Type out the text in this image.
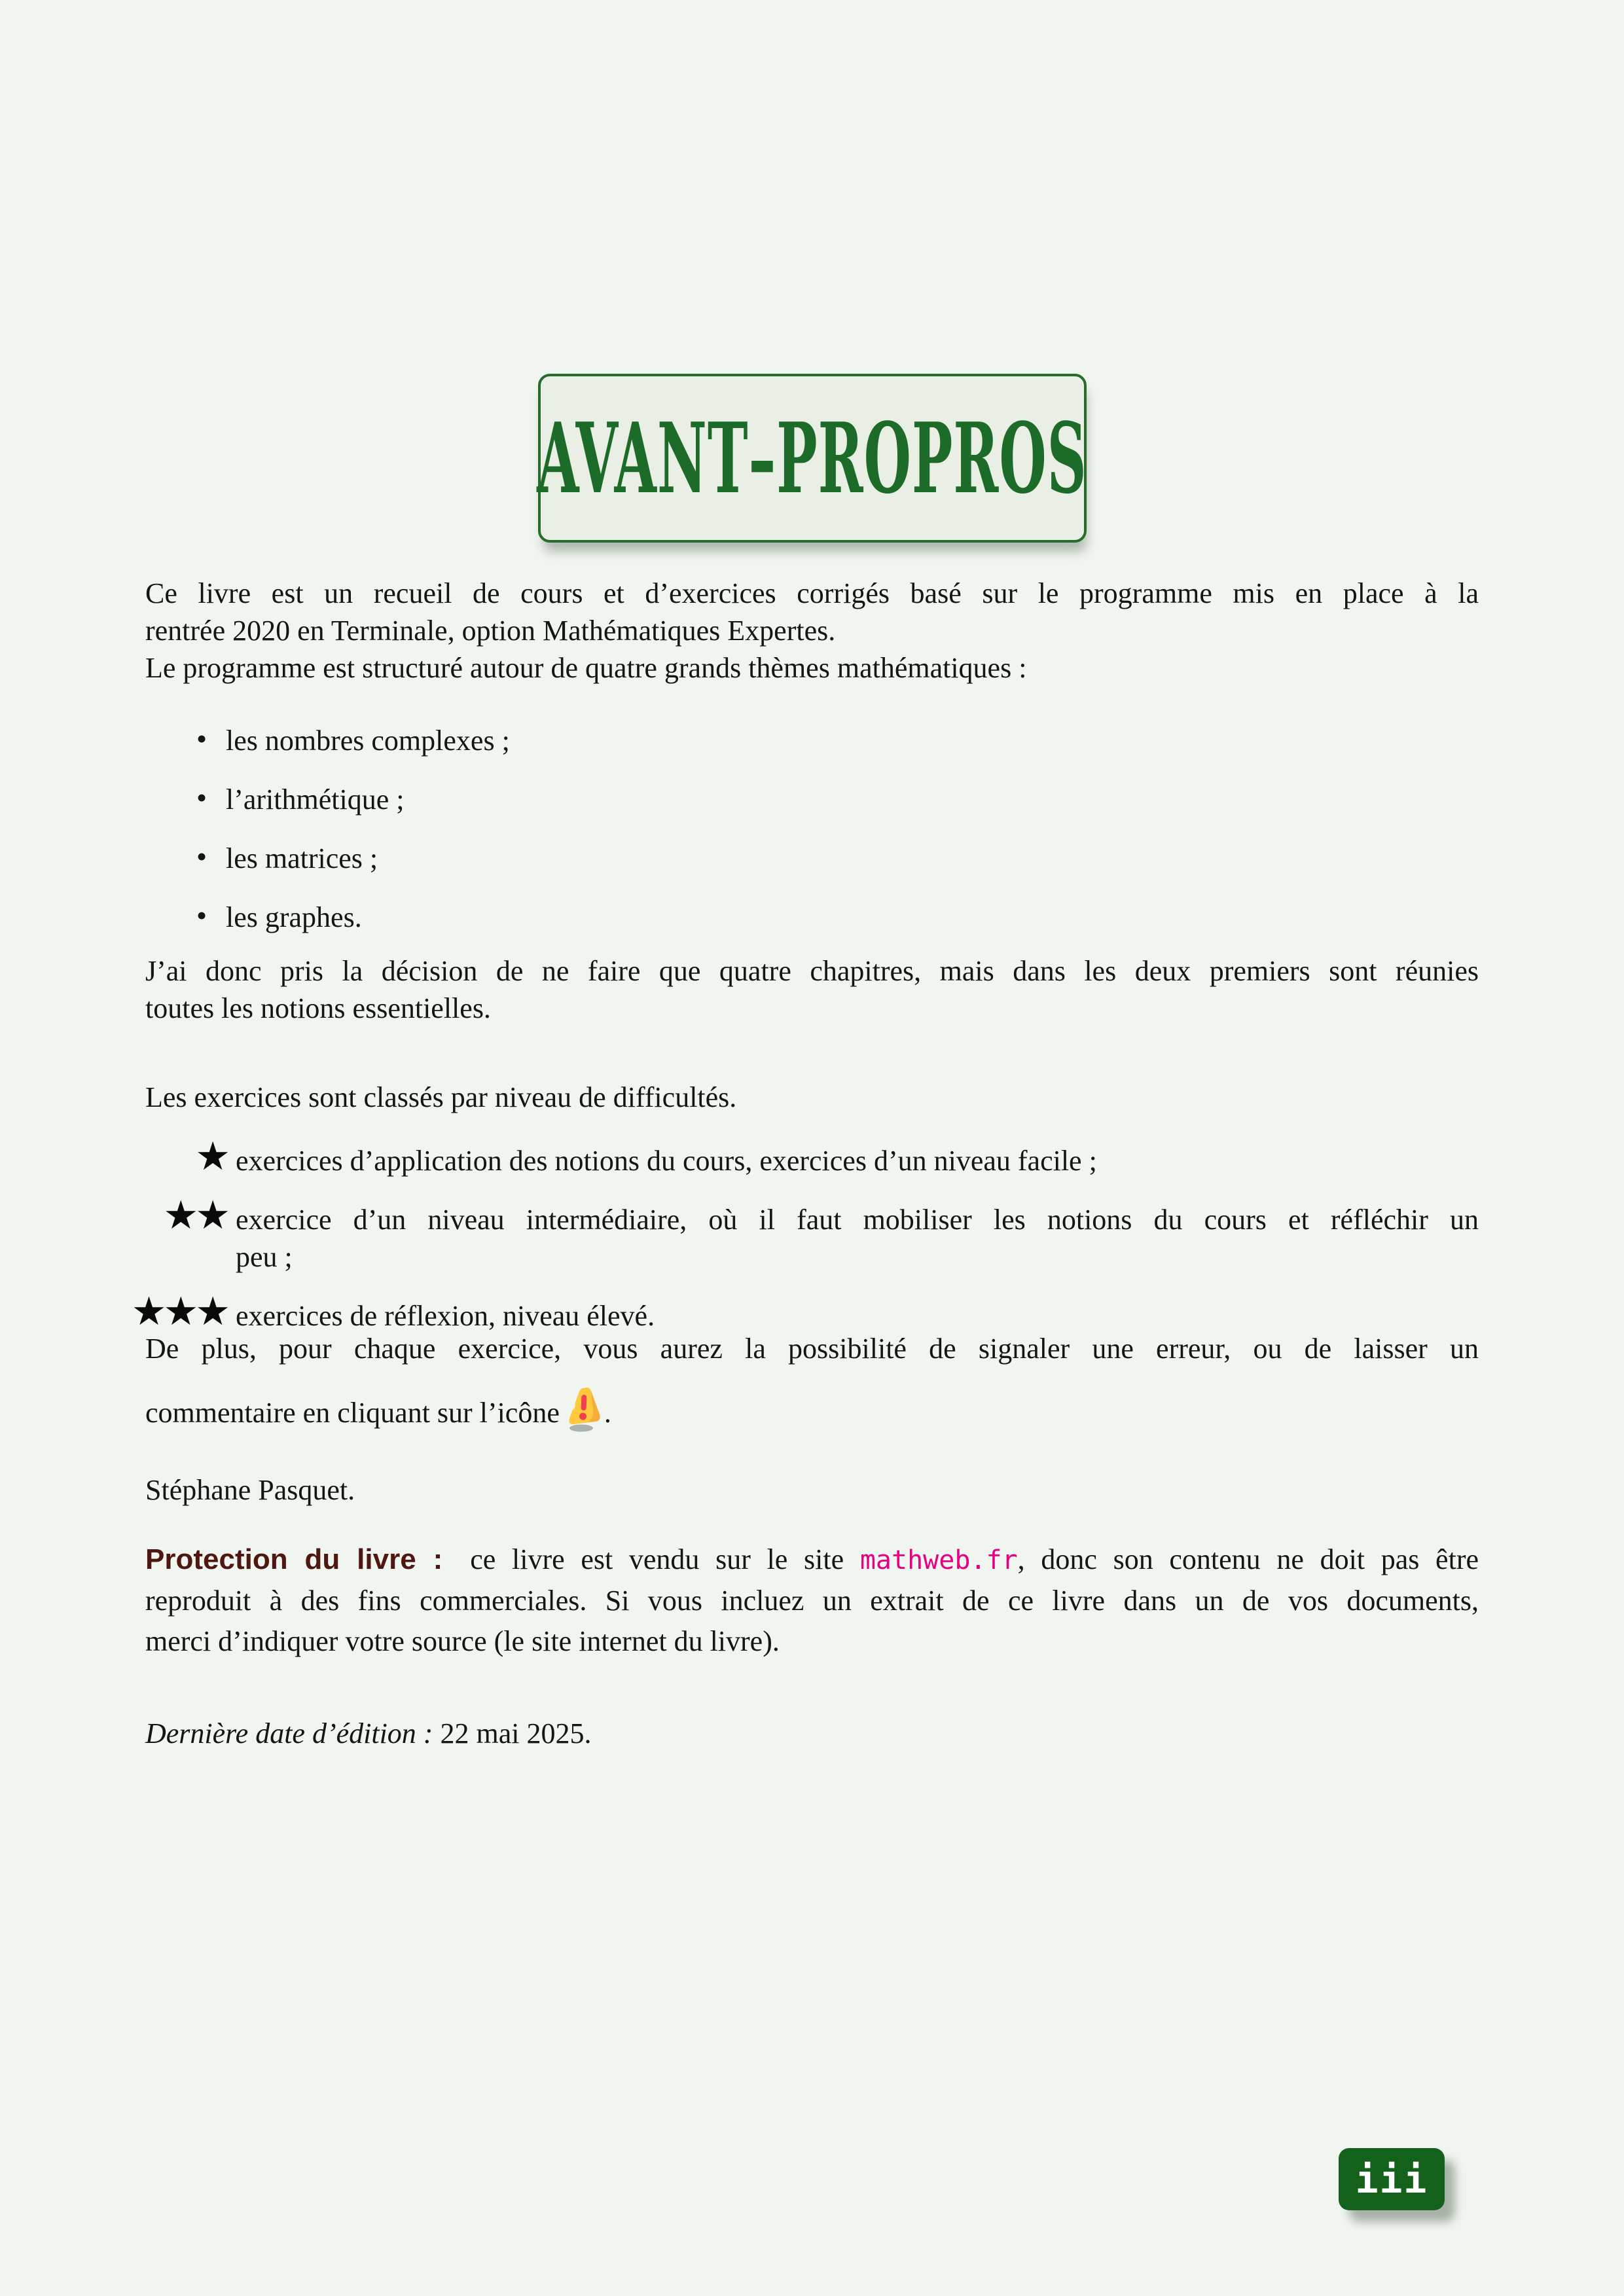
AVANT–PROPROS
Ce livre est un recueil de cours et d’exercices corrigés basé sur le programme mis en place à la
rentrée 2020 en Terminale, option Mathématiques Expertes.
Le programme est structuré autour de quatre grands thèmes mathématiques :
• les nombres complexes ;
• l’arithmétique ;
• les matrices ;
• les graphes.
J’ai donc pris la décision de ne faire que quatre chapitres, mais dans les deux premiers sont réunies
toutes les notions essentielles.
Les exercices sont classés par niveau de difficultés.
★ exercices d’application des notions du cours, exercices d’un niveau facile ;
★★ exercice d’un niveau intermédiaire, où il faut mobiliser les notions du cours et réfléchir un
peu ;
★★★ exercices de réflexion, niveau élevé.
De plus, pour chaque exercice, vous aurez la possibilité de signaler une erreur, ou de laisser un
commentaire en cliquant sur l’icône .
Stéphane Pasquet.
Protection du livre : ce livre est vendu sur le site mathweb.fr, donc son contenu ne doit pas être
reproduit à des fins commerciales. Si vous incluez un extrait de ce livre dans un de vos documents,
merci d’indiquer votre source (le site internet du livre).
Dernière date d’édition : 22 mai 2025.
iii
